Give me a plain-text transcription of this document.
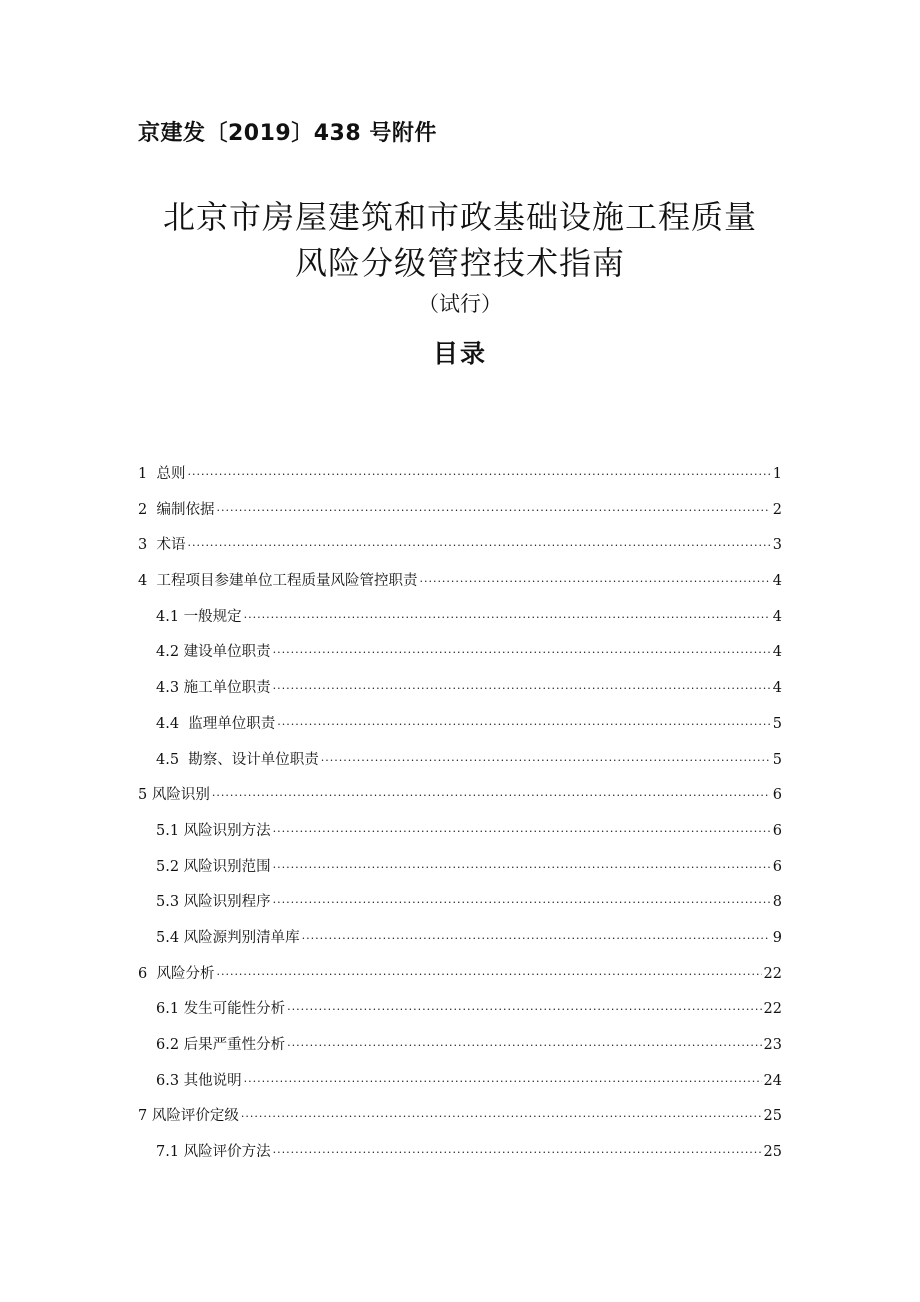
京建发〔2019〕438 号附件
北京市房屋建筑和市政基础设施工程质量
风险分级管控技术指南
（试行）
目录
1  总则 .....	1
2  编制依据 .....	2
3  术语 .....	3
4  工程项目参建单位工程质量风险管控职责 .....	4
4.1 一般规定 .....	4
4.2 建设单位职责 .....	4
4.3 施工单位职责 .....	4
4.4  监理单位职责 .....	5
4.5  勘察、设计单位职责 .....	5
5 风险识别 .....	6
5.1 风险识别方法 .....	6
5.2 风险识别范围 .....	6
5.3 风险识别程序 .....	8
5.4 风险源判别清单库 .....	9
6  风险分析 .....	22
6.1 发生可能性分析 .....	22
6.2 后果严重性分析 .....	23
6.3 其他说明 .....	24
7 风险评价定级 .....	25
7.1 风险评价方法 .....	25
